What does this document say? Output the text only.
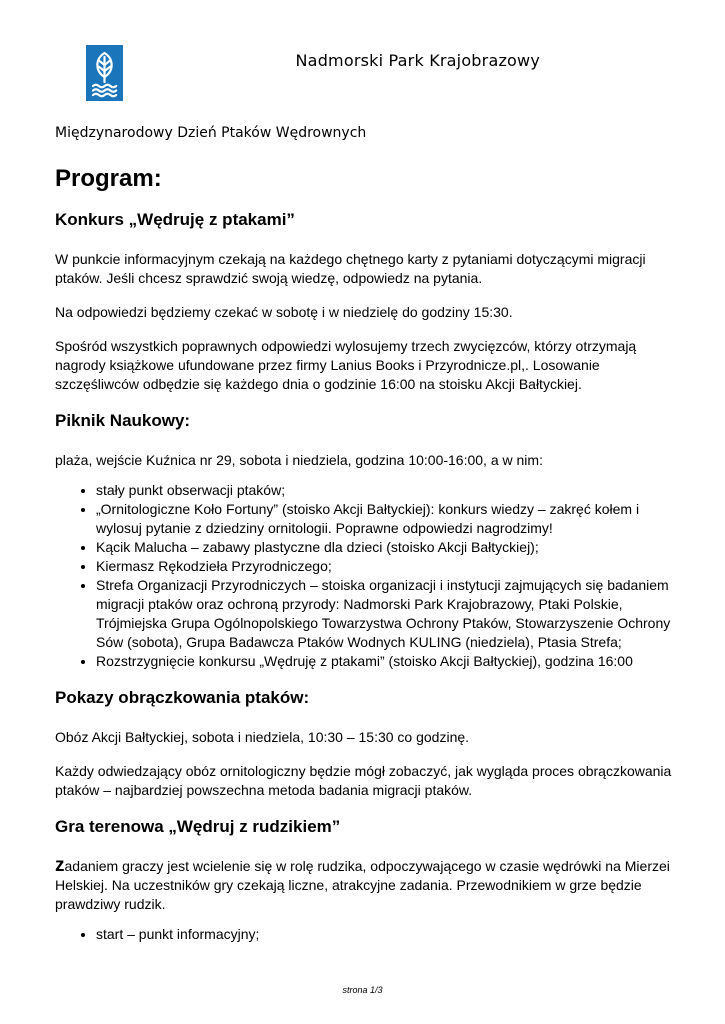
Nadmorski Park Krajobrazowy
Międzynarodowy Dzień Ptaków Wędrownych
Program:
Konkurs „Wędruję z ptakami”

W punkcie informacyjnym czekają na każdego chętnego karty z pytaniami dotyczącymi migracji ptaków. Jeśli chcesz sprawdzić swoją wiedzę, odpowiedz na pytania.

Na odpowiedzi będziemy czekać w sobotę i w niedzielę do godziny 15:30.

Spośród wszystkich poprawnych odpowiedzi wylosujemy trzech zwycięzców, którzy otrzymają nagrody książkowe ufundowane przez firmy Lanius Books i Przyrodnicze.pl,. Losowanie szczęśliwców odbędzie się każdego dnia o godzinie 16:00 na stoisku Akcji Bałtyckiej.

Piknik Naukowy:

plaża, wejście Kuźnica nr 29, sobota i niedziela, godzina 10:00-16:00, a w nim:

• stały punkt obserwacji ptaków;
• „Ornitologiczne Koło Fortuny” (stoisko Akcji Bałtyckiej): konkurs wiedzy – zakręć kołem i wylosuj pytanie z dziedziny ornitologii. Poprawne odpowiedzi nagrodzimy!
• Kącik Malucha – zabawy plastyczne dla dzieci (stoisko Akcji Bałtyckiej);
• Kiermasz Rękodzieła Przyrodniczego;
• Strefa Organizacji Przyrodniczych – stoiska organizacji i instytucji zajmujących się badaniem migracji ptaków oraz ochroną przyrody: Nadmorski Park Krajobrazowy, Ptaki Polskie, Trójmiejska Grupa Ogólnopolskiego Towarzystwa Ochrony Ptaków, Stowarzyszenie Ochrony Sów (sobota), Grupa Badawcza Ptaków Wodnych KULING (niedziela), Ptasia Strefa;
• Rozstrzygnięcie konkursu „Wędruję z ptakami” (stoisko Akcji Bałtyckiej), godzina 16:00
Pokazy obrączkowania ptaków:

Obóz Akcji Bałtyckiej, sobota i niedziela, 10:30 – 15:30 co godzinę.

Każdy odwiedzający obóz ornitologiczny będzie mógł zobaczyć, jak wygląda proces obrączkowania ptaków – najbardziej powszechna metoda badania migracji ptaków.

Gra terenowa „Wędruj z rudzikiem”

zadaniem graczy jest wcielenie się w rolę rudzika, odpoczywającego w czasie wędrówki na Mierzei Helskiej. Na uczestników gry czekają liczne, atrakcyjne zadania. Przewodnikiem w grze będzie prawdziwy rudzik.

• start – punkt informacyjny;
strona 1/3
